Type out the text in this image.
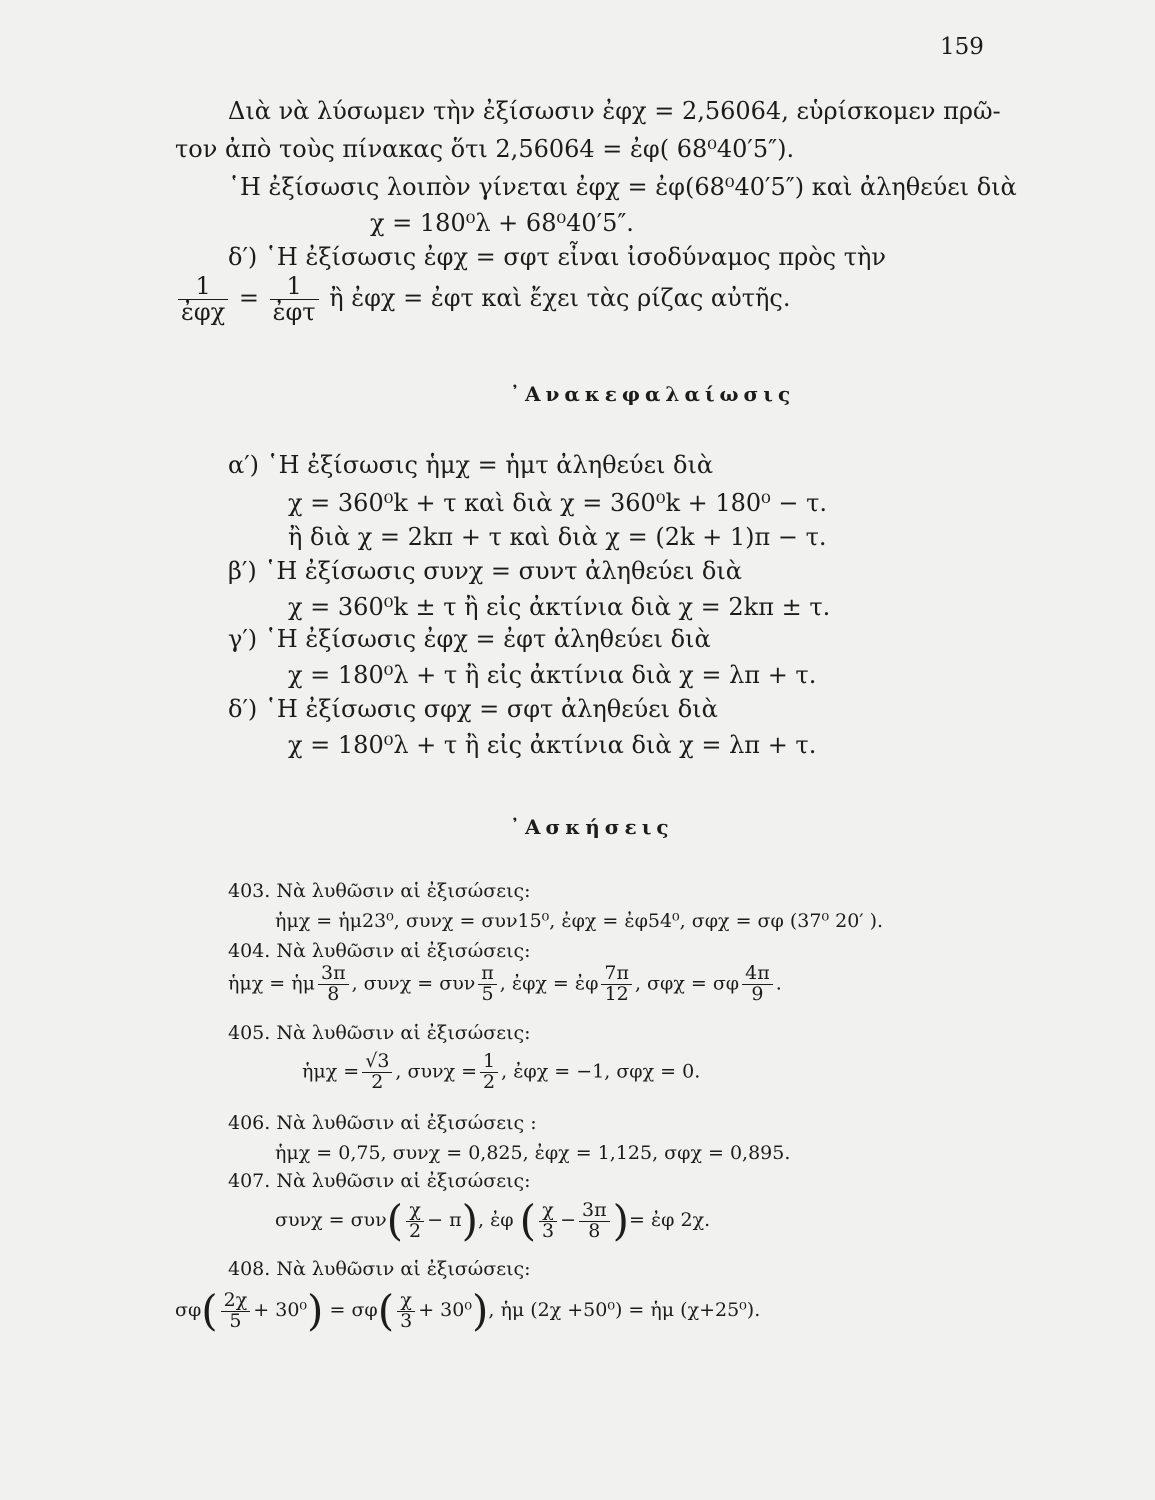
159
Διὰ νὰ λύσωμεν τὴν ἐξίσωσιν ἐφχ = 2,56064, εὑρίσκομεν πρῶ-
τον ἀπὸ τοὺς πίνακας ὅτι 2,56064 = ἐφ( 68⁰40′5″).
῾Η ἐξίσωσις λοιπὸν γίνεται ἐφχ = ἐφ(68⁰40′5″) καὶ ἀληθεύει διὰ
χ = 180⁰λ + 68⁰40′5″.
δ′) ῾Η ἐξίσωσις ἐφχ = σφτ εἶναι ἰσοδύναμος πρὸς τὴν
$\frac{1}{\text{ἐφχ}} = \frac{1}{\text{ἐφτ}}$ ἢ ἐφχ = ἐφτ καὶ ἔχει τὰς ρίζας αὐτῆς.
᾿Ανακεφαλαίωσις
α′) ῾Η ἐξίσωσις ἡμχ = ἡμτ ἀληθεύει διὰ
χ = 360⁰k + τ καὶ διὰ χ = 360⁰k + 180⁰ − τ.
ἢ διὰ χ = 2kπ + τ καὶ διὰ χ = (2k + 1)π − τ.
β′) ῾Η ἐξίσωσις συνχ = συντ ἀληθεύει διὰ
χ = 360⁰k ± τ ἢ εἰς ἀκτίνια διὰ χ = 2kπ ± τ.
γ′) ῾Η ἐξίσωσις ἐφχ = ἐφτ ἀληθεύει διὰ
χ = 180⁰λ + τ ἢ εἰς ἀκτίνια διὰ χ = λπ + τ.
δ′) ῾Η ἐξίσωσις σφχ = σφτ ἀληθεύει διὰ
χ = 180⁰λ + τ ἢ εἰς ἀκτίνια διὰ χ = λπ + τ.
᾿Ασκήσεις
403. Νὰ λυθῶσιν αἱ ἐξισώσεις:
ἡμχ = ἡμ23⁰, συνχ = συν15⁰, ἐφχ = ἐφ54⁰, σφχ = σφ (37⁰ 20′ ).
404. Νὰ λυθῶσιν αἱ ἐξισώσεις:
ἡμχ = ἡμ $\frac{3\pi}{8}$ , συνχ = συν $\frac{\pi}{5}$ , ἐφχ = ἐφ $\frac{7\pi}{12}$ , σφχ = σφ $\frac{4\pi}{9}$ .
405. Νὰ λυθῶσιν αἱ ἐξισώσεις:
ἡμχ = $\frac{√3}{2}$ , $\sigma\upsilon\nu\chi = \frac{1}{2}$ , ἐφχ = −1, σφχ = 0.
406. Νὰ λυθῶσιν αἱ ἐξισώσεις :
ἡμχ = 0,75, συνχ = 0,825, ἐφχ = 1,125, σφχ = 0,895.
407. Νὰ λυθῶσιν αἱ ἐξισώσεις:
$\sigma\upsilon\nu\chi = \sigma\upsilon\nu( \frac{\chi}{2} - \pi)$, ἐφ ( $\frac{\chi}{3} - \frac{3\pi}{8}$ )= ἐφ 2χ.
408. Νὰ λυθῶσιν αἱ ἐξισώσεις:
$\sigma\varphi( \frac{2\chi}{5} + 30^0) = \sigma\varphi( \frac{\chi}{3} + 30^0)$, ἡμ (2χ +50⁰) = ἡμ (χ+25⁰).
